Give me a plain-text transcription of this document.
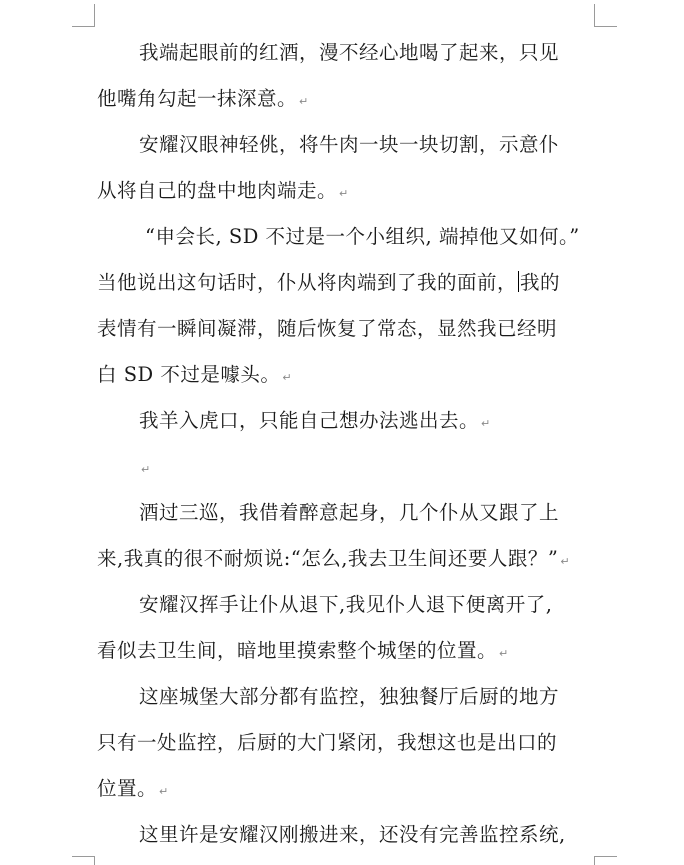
我端起眼前的红酒，漫不经心地喝了起来，只见
他嘴角勾起一抹深意。 ↵
安耀汉眼神轻佻，将牛肉一块一块切割，示意仆
从将自己的盘中地肉端走。 ↵
“申会长, SD 不过是一个小组织, 端掉他又如何。”
当他说出这句话时，仆从将肉端到了我的面前， 我的
表情有一瞬间凝滞，随后恢复了常态，显然我已经明
白 SD 不过是噱头。 ↵
我羊入虎口，只能自己想办法逃出去。 ↵
↵
酒过三巡，我借着醉意起身，几个仆从又跟了上
来,我真的很不耐烦说:“怎么,我去卫生间还要人跟？” ↵
安耀汉挥手让仆从退下,我见仆人退下便离开了,
看似去卫生间，暗地里摸索整个城堡的位置。 ↵
这座城堡大部分都有监控，独独餐厅后厨的地方
只有一处监控，后厨的大门紧闭，我想这也是出口的
位置。 ↵
这里许是安耀汉刚搬进来，还没有完善监控系统,
